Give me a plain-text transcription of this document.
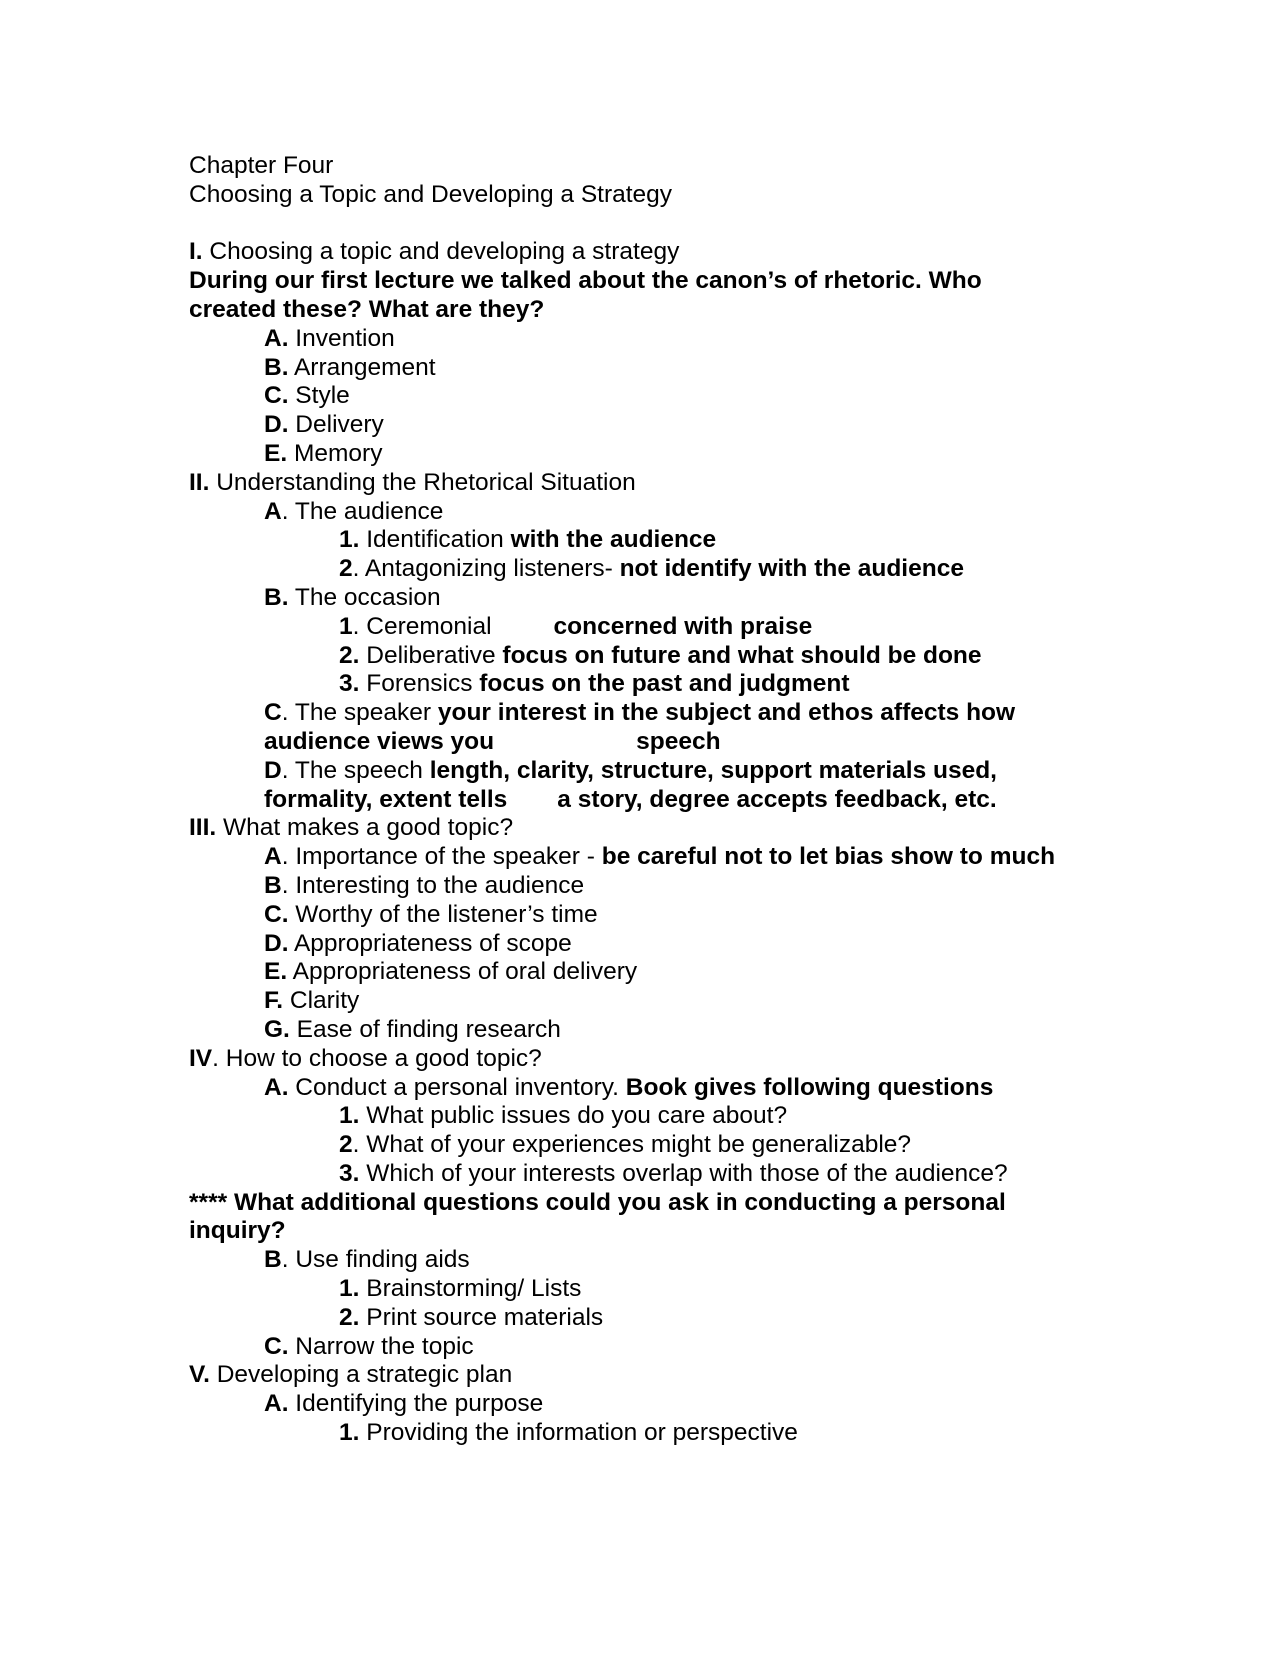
Chapter Four
Choosing a Topic and Developing a Strategy
I. Choosing a topic and developing a strategy
During our first lecture we talked about the canon’s of rhetoric. Who
created these? What are they?
A. Invention
B. Arrangement
C. Style
D. Delivery
E. Memory
II. Understanding the Rhetorical Situation
A. The audience
1. Identification with the audience
2. Antagonizing listeners- not identify with the audience
B. The occasion
1. Ceremonial	concerned with praise
2. Deliberative focus on future and what should be done
3. Forensics focus on the past and judgment
C. The speaker your interest in the subject and ethos affects how
audience views you	speech
D. The speech length, clarity, structure, support materials used,
formality, extent tells a story, degree accepts feedback, etc.
III. What makes a good topic?
A. Importance of the speaker - be careful not to let bias show to much
B. Interesting to the audience
C. Worthy of the listener’s time
D. Appropriateness of scope
E. Appropriateness of oral delivery
F. Clarity
G. Ease of finding research
IV. How to choose a good topic?
A. Conduct a personal inventory. Book gives following questions
1. What public issues do you care about?
2. What of your experiences might be generalizable?
3. Which of your interests overlap with those of the audience?
**** What additional questions could you ask in conducting a personal
inquiry?
B. Use finding aids
1. Brainstorming/ Lists
2. Print source materials
C. Narrow the topic
V. Developing a strategic plan
A. Identifying the purpose
1. Providing the information or perspective
